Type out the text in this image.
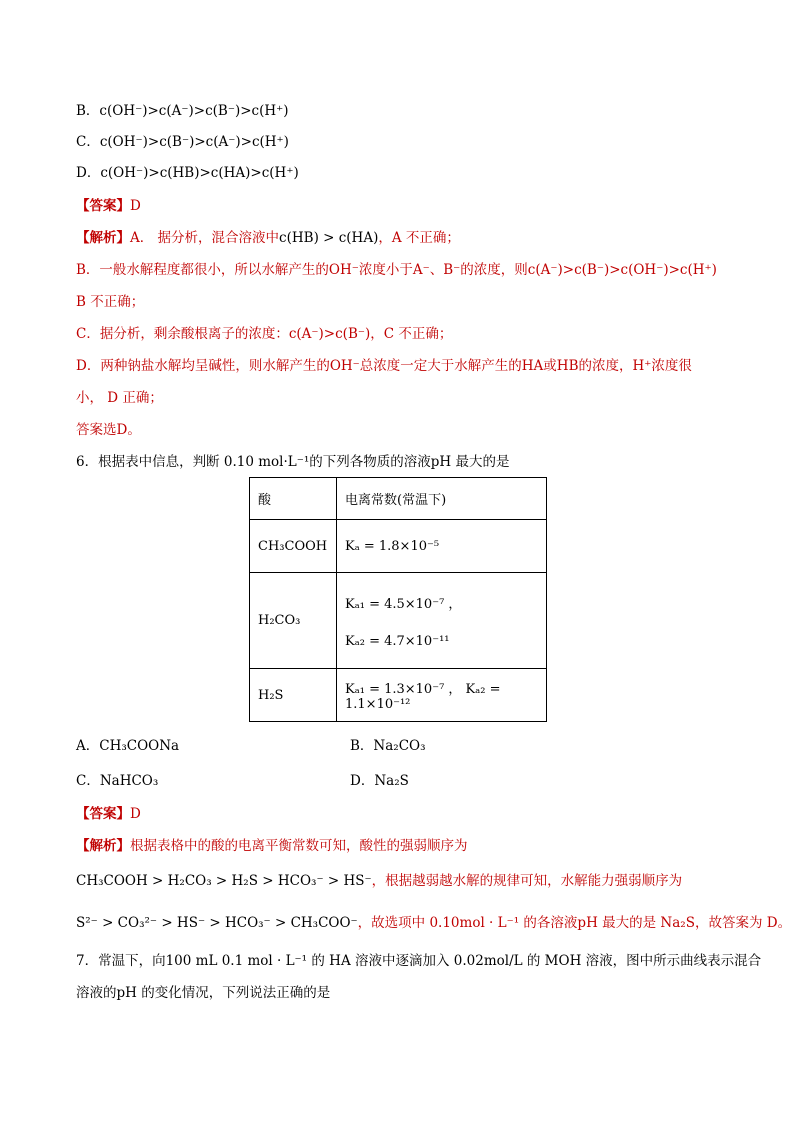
B．c(OH⁻)>c(A⁻)>c(B⁻)>c(H⁺)
C．c(OH⁻)>c(B⁻)>c(A⁻)>c(H⁺)
D．c(OH⁻)>c(HB)>c(HA)>c(H⁺)
【答案】D
【解析】A． 据分析，混合溶液中c(HB) > c(HA)，A 不正确；
B．一般水解程度都很小，所以水解产生的OH⁻浓度小于A⁻、B⁻的浓度，则c(A⁻)>c(B⁻)>c(OH⁻)>c(H⁺)
B 不正确；
C．据分析，剩余酸根离子的浓度：c(A⁻)>c(B⁻)，C 不正确；
D．两种钠盐水解均呈碱性，则水解产生的OH⁻总浓度一定大于水解产生的HA或HB的浓度，H⁺浓度很
小， D 正确；
答案选D。
6．根据表中信息，判断 0.10 mol·L⁻¹的下列各物质的溶液pH 最大的是
酸	电离常数(常温下)
CH₃COOH	Kₐ = 1.8×10⁻⁵
H₂CO₃	Kₐ₁ = 4.5×10⁻⁷ ，
Kₐ₂ = 4.7×10⁻¹¹

H₂S	Kₐ₁ = 1.3×10⁻⁷ ， Kₐ₂ = 1.1×10⁻¹²
A．CH₃COONa	B．Na₂CO₃
C．NaHCO₃	D．Na₂S
【答案】D
【解析】根据表格中的酸的电离平衡常数可知，酸性的强弱顺序为
CH₃COOH > H₂CO₃ > H₂S > HCO₃⁻ > HS⁻，根据越弱越水解的规律可知，水解能力强弱顺序为
S²⁻ > CO₃²⁻ > HS⁻ > HCO₃⁻ > CH₃COO⁻，故选项中 0.10mol · L⁻¹ 的各溶液pH 最大的是 Na₂S，故答案为 D。
7．常温下，向100 mL 0.1 mol · L⁻¹ 的 HA 溶液中逐滴加入 0.02mol/L 的 MOH 溶液，图中所示曲线表示混合
溶液的pH 的变化情况，下列说法正确的是
